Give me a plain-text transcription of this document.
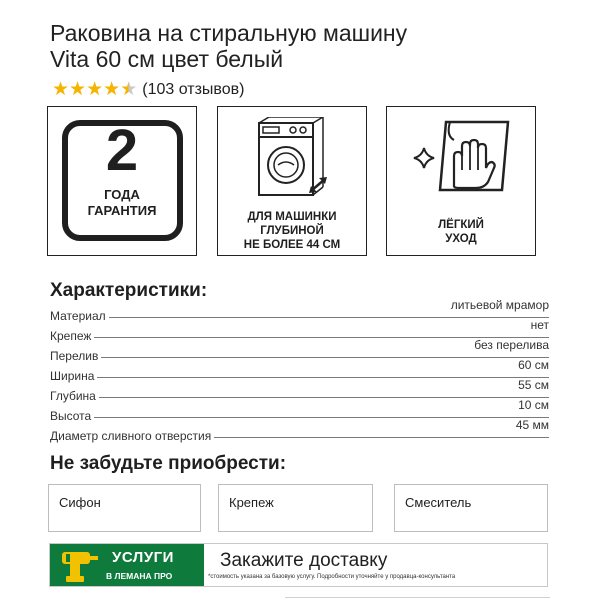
Раковина на стиральную машину
Vita 60 см цвет белый
★ ★ ★ ★ ★ (103 отзывов)
2
ГОДА
ГАРАНТИЯ	ДЛЯ МАШИНКИ
ГЛУБИНОЙ
НЕ БОЛЕЕ 44 СМ
ЛЁГКИЙ
УХОД
Характеристики:
Материал
литьевой мрамор
Крепеж
нет
Перелив
без перелива
Ширина
60 см
Глубина
55 см
Высота
10 см
Диаметр сливного отверстия
45 мм
Не забудьте приобрести:
Сифон	Крепеж	Смеситель
УСЛУГИ
В ЛЕМАНА ПРО
Закажите доставку
*стоимость указана за базовую услугу. Подробности уточняйте у продавца-консультанта
